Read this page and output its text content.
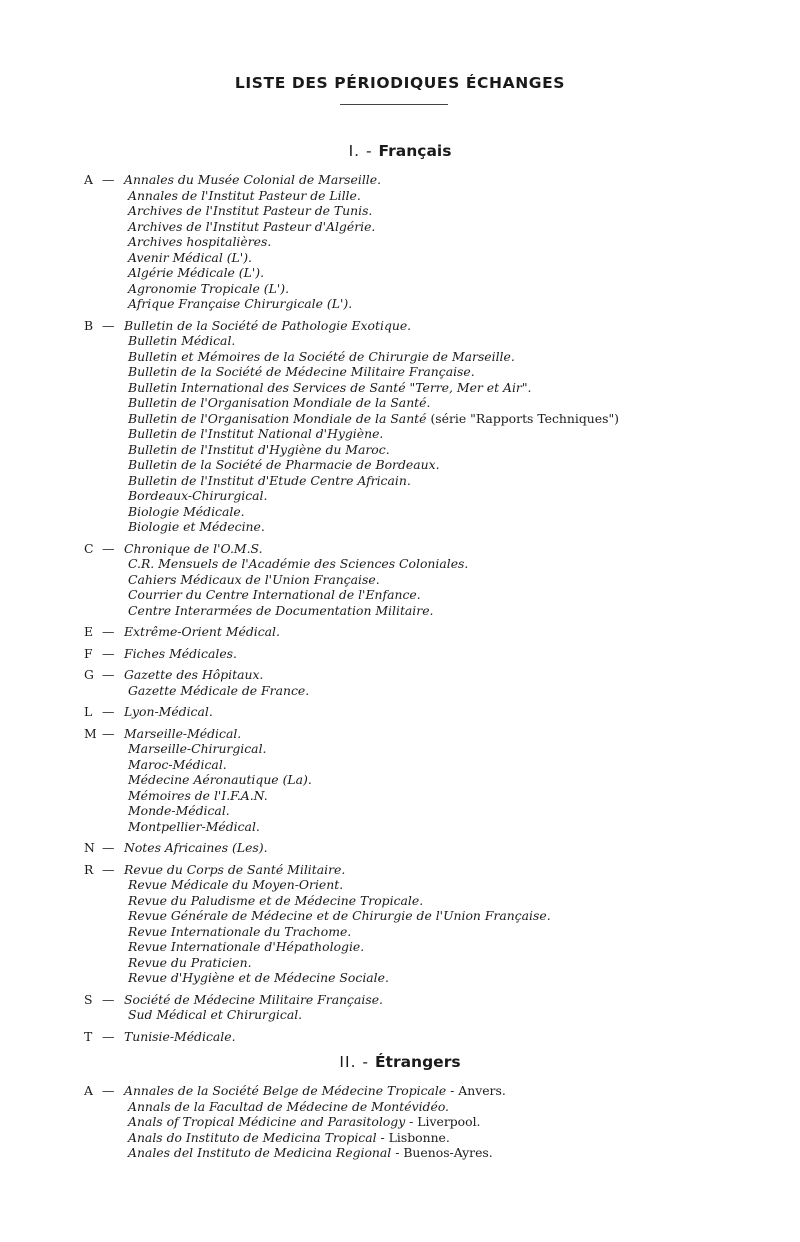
LISTE DES PÉRIODIQUES ÉCHANGES
I. - Français
A — Annales du Musée Colonial de Marseille.
Annales de l'Institut Pasteur de Lille.
Archives de l'Institut Pasteur de Tunis.
Archives de l'Institut Pasteur d'Algérie.
Archives hospitalières.
Avenir Médical (L').
Algérie Médicale (L').
Agronomie Tropicale (L').
Afrique Française Chirurgicale (L').
B — Bulletin de la Société de Pathologie Exotique.
Bulletin Médical.
Bulletin et Mémoires de la Société de Chirurgie de Marseille.
Bulletin de la Société de Médecine Militaire Française.
Bulletin International des Services de Santé "Terre, Mer et Air".
Bulletin de l'Organisation Mondiale de la Santé.
Bulletin de l'Organisation Mondiale de la Santé (série "Rapports Techniques")
Bulletin de l'Institut National d'Hygiène.
Bulletin de l'Institut d'Hygiène du Maroc.
Bulletin de la Société de Pharmacie de Bordeaux.
Bulletin de l'Institut d'Etude Centre Africain.
Bordeaux-Chirurgical.
Biologie Médicale.
Biologie et Médecine.
C — Chronique de l'O.M.S.
C.R. Mensuels de l'Académie des Sciences Coloniales.
Cahiers Médicaux de l'Union Française.
Courrier du Centre International de l'Enfance.
Centre Interarmées de Documentation Militaire.
E — Extrême-Orient Médical.
F — Fiches Médicales.
G — Gazette des Hôpitaux.
Gazette Médicale de France.
L — Lyon-Médical.
M — Marseille-Médical.
Marseille-Chirurgical.
Maroc-Médical.
Médecine Aéronautique (La).
Mémoires de l'I.F.A.N.
Monde-Médical.
Montpellier-Médical.
N — Notes Africaines (Les).
R — Revue du Corps de Santé Militaire.
Revue Médicale du Moyen-Orient.
Revue du Paludisme et de Médecine Tropicale.
Revue Générale de Médecine et de Chirurgie de l'Union Française.
Revue Internationale du Trachome.
Revue Internationale d'Hépathologie.
Revue du Praticien.
Revue d'Hygiène et de Médecine Sociale.
S — Société de Médecine Militaire Française.
Sud Médical et Chirurgical.
T — Tunisie-Médicale.
II. - Étrangers
A — Annales de la Société Belge de Médecine Tropicale - Anvers.
Annals de la Facultad de Médecine de Montévidéo.
Anals of Tropical Médicine and Parasitology - Liverpool.
Anals do Instituto de Medicina Tropical - Lisbonne.
Anales del Instituto de Medicina Regional - Buenos-Ayres.
